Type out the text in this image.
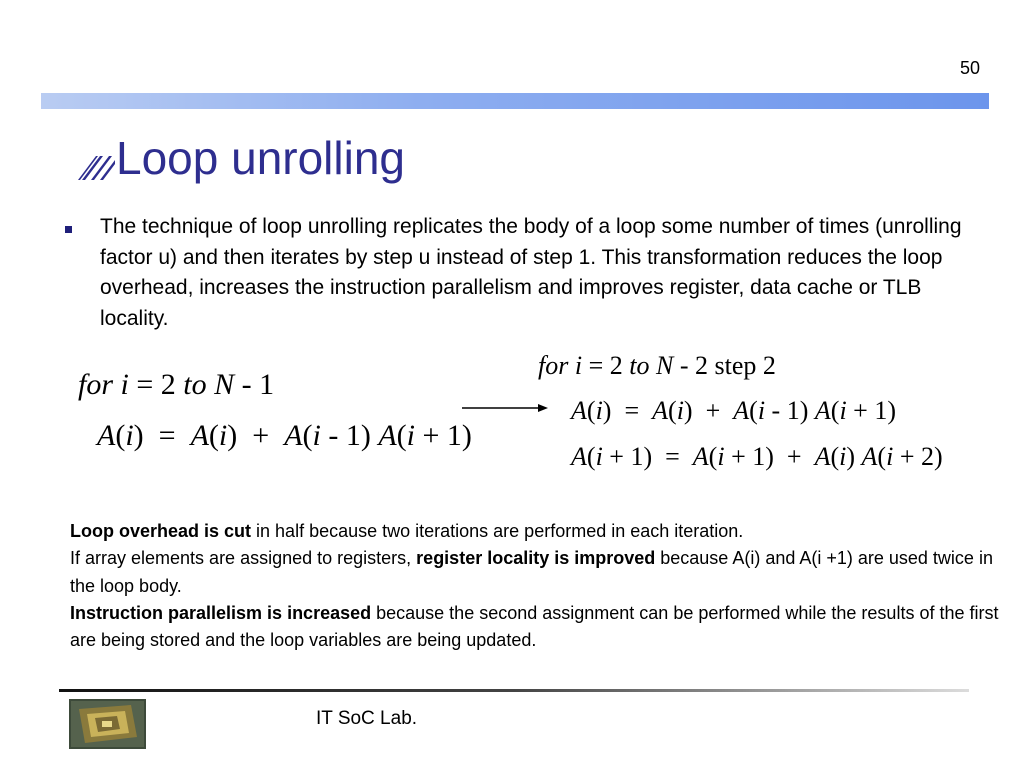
50
Loop unrolling
The technique of loop unrolling replicates the body of a loop some number of times (unrolling factor u) and then iterates by step u instead of step 1. This transformation reduces the loop overhead, increases the instruction parallelism and improves register, data cache or TLB locality.
for i = 2 to N - 1
A(i)  =  A(i)  +  A(i - 1) A(i + 1)
for i = 2 to N - 2 step 2
A(i)  =  A(i)  +  A(i - 1) A(i + 1)
A(i + 1)  =  A(i + 1)  +  A(i) A(i + 2)

Loop overhead is cut in half because two iterations are performed in each iteration.

If array elements are assigned to registers, register locality is improved because A(i) and A(i +1) are used twice in the loop body.

Instruction parallelism is increased because the second assignment can be performed while the results of the first are being stored and the loop variables are being updated.

IT SoC Lab.
